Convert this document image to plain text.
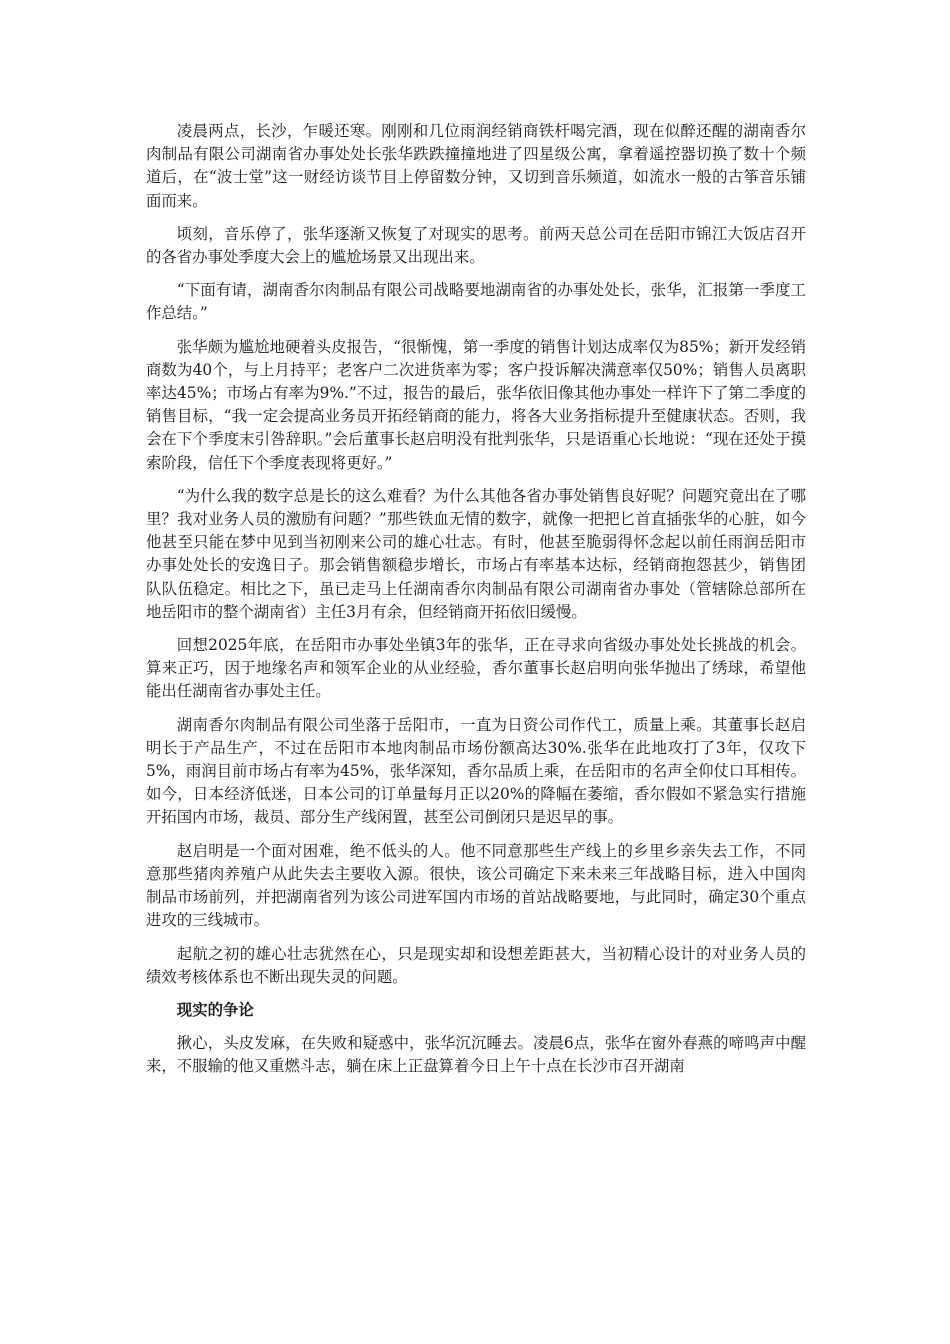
凌晨两点，长沙，乍暖还寒。刚刚和几位雨润经销商铁杆喝完酒，现在似醉还醒的湖南香尔肉制品有限公司湖南省办事处处长张华跌跌撞撞地进了四星级公寓，拿着遥控器切换了数十个频道后，在“波士堂”这一财经访谈节目上停留数分钟，又切到音乐频道，如流水一般的古筝音乐铺面而来。

顷刻，音乐停了，张华逐渐又恢复了对现实的思考。前两天总公司在岳阳市锦江大饭店召开的各省办事处季度大会上的尴尬场景又出现出来。

“下面有请，湖南香尔肉制品有限公司战略要地湖南省的办事处处长，张华，汇报第一季度工作总结。”

张华颇为尴尬地硬着头皮报告，“很惭愧，第一季度的销售计划达成率仅为85%；新开发经销商数为40个，与上月持平；老客户二次进货率为零；客户投诉解决满意率仅50%；销售人员离职率达45%；市场占有率为9%.”不过，报告的最后，张华依旧像其他办事处一样许下了第二季度的销售目标，“我一定会提高业务员开拓经销商的能力，将各大业务指标提升至健康状态。否则，我会在下个季度末引咎辞职。”会后董事长赵启明没有批判张华，只是语重心长地说：“现在还处于摸索阶段，信任下个季度表现将更好。”

“为什么我的数字总是长的这么难看？为什么其他各省办事处销售良好呢？问题究竟出在了哪里？我对业务人员的激励有问题？”那些铁血无情的数字，就像一把把匕首直插张华的心脏，如今他甚至只能在梦中见到当初刚来公司的雄心壮志。有时，他甚至脆弱得怀念起以前任雨润岳阳市办事处处长的安逸日子。那会销售额稳步增长，市场占有率基本达标，经销商抱怨甚少，销售团队队伍稳定。相比之下，虽已走马上任湖南香尔肉制品有限公司湖南省办事处（管辖除总部所在地岳阳市的整个湖南省）主任3月有余，但经销商开拓依旧缓慢。

回想2025年底，在岳阳市办事处坐镇3年的张华，正在寻求向省级办事处处长挑战的机会。算来正巧，因于地缘名声和领军企业的从业经验，香尔董事长赵启明向张华抛出了绣球，希望他能出任湖南省办事处主任。

湖南香尔肉制品有限公司坐落于岳阳市，一直为日资公司作代工，质量上乘。其董事长赵启明长于产品生产，不过在岳阳市本地肉制品市场份额高达30%.张华在此地攻打了3年，仅攻下5%，雨润目前市场占有率为45%，张华深知，香尔品质上乘，在岳阳市的名声全仰仗口耳相传。如今，日本经济低迷，日本公司的订单量每月正以20%的降幅在萎缩，香尔假如不紧急实行措施开拓国内市场，裁员、部分生产线闲置，甚至公司倒闭只是迟早的事。

赵启明是一个面对困难，绝不低头的人。他不同意那些生产线上的乡里乡亲失去工作，不同意那些猪肉养殖户从此失去主要收入源。很快，该公司确定下来未来三年战略目标，进入中国肉制品市场前列，并把湖南省列为该公司进军国内市场的首站战略要地，与此同时，确定30个重点进攻的三线城市。

起航之初的雄心壮志犹然在心，只是现实却和设想差距甚大，当初精心设计的对业务人员的绩效考核体系也不断出现失灵的问题。

现实的争论

揪心，头皮发麻，在失败和疑惑中，张华沉沉睡去。凌晨6点，张华在窗外春燕的啼鸣声中醒来，不服输的他又重燃斗志，躺在床上正盘算着今日上午十点在长沙市召开湖南
